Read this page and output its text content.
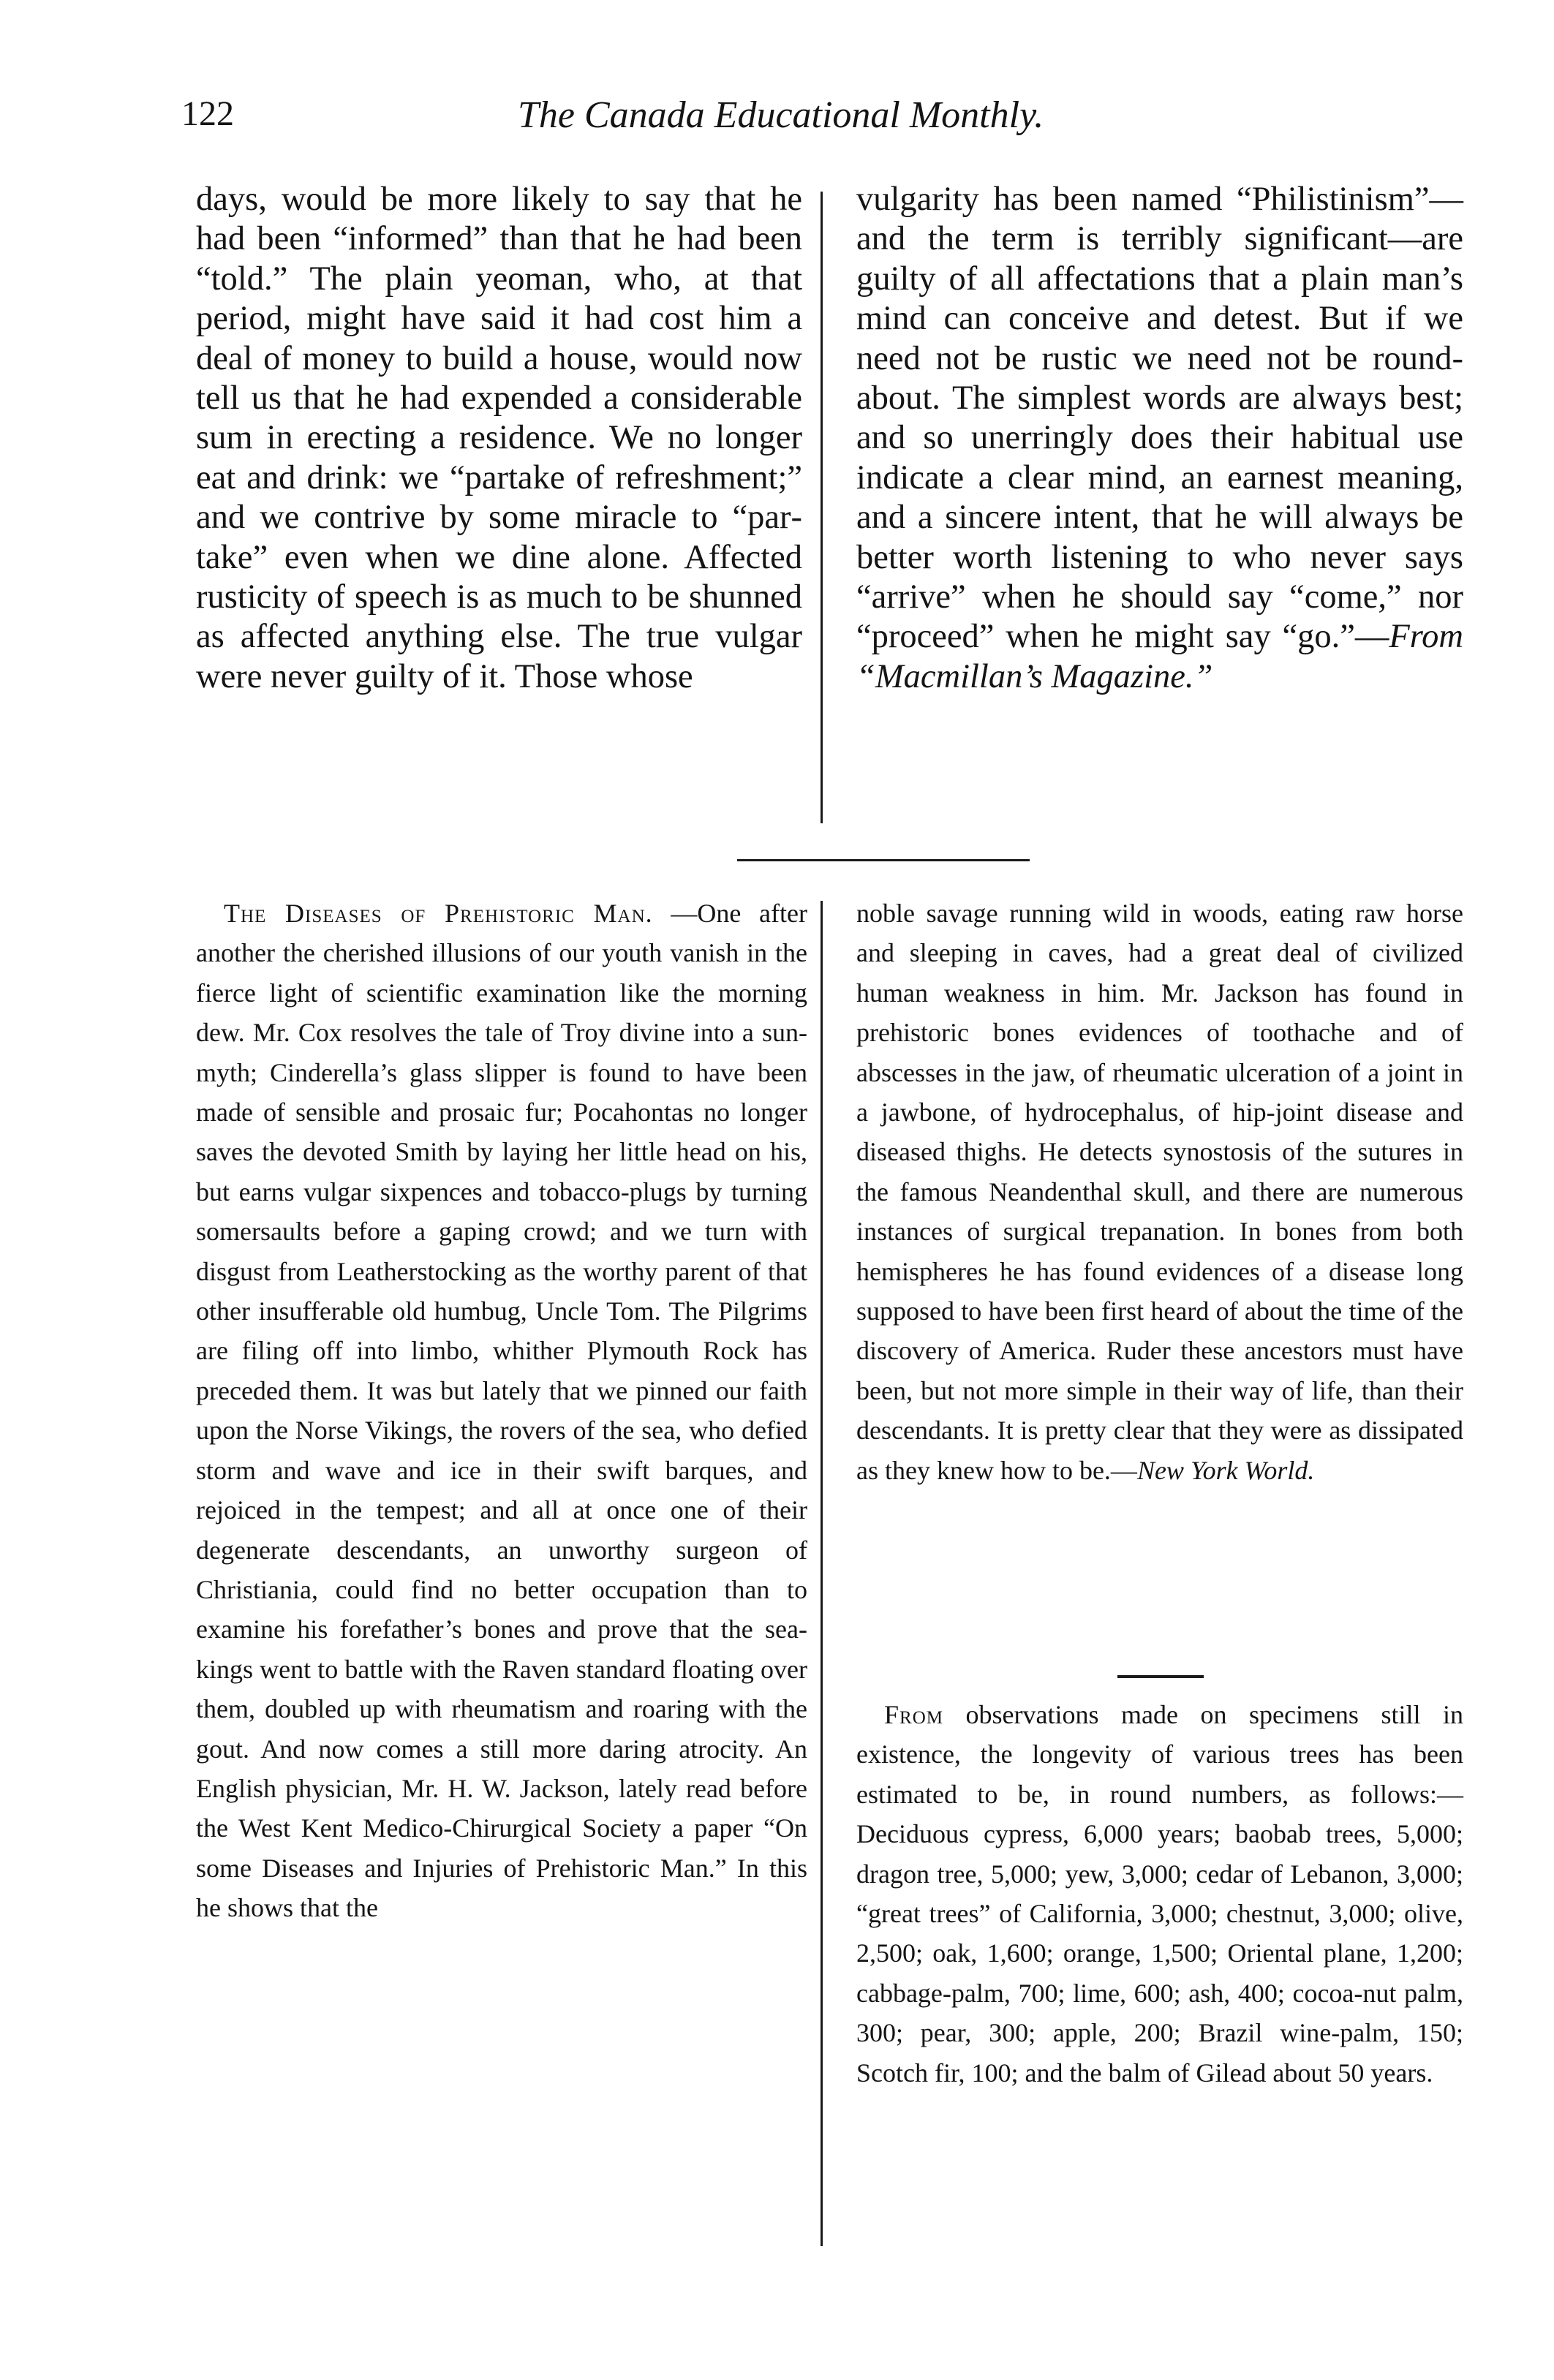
122	The Canada Educational Monthly.

days, would be more likely to say that he had been “informed” than that he had been “told.” The plain yeoman, who, at that period, might have said it had cost him a deal of money to build a house, would now tell us that he had expended a considerable sum in erecting a residence. We no longer eat and drink: we “partake of refreshment;” and we contrive by some miracle to “partake” even when we dine alone. Affected rusticity of speech is as much to be shunned as affected anything else. The true vulgar were never guilty of it. Those whose

vulgarity has been named “Philistinism”—and the term is terribly significant—are guilty of all affectations that a plain man’s mind can conceive and detest. But if we need not be rustic we need not be roundabout. The simplest words are always best; and so unerringly does their habitual use indicate a clear mind, an earnest meaning, and a sincere intent, that he will always be better worth listening to who never says “arrive” when he should say “come,” nor “proceed” when he might say “go.”—From “Macmillan’s Magazine.”

The Diseases of Prehistoric Man. —One after another the cherished illusions of our youth vanish in the fierce light of scientific examination like the morning dew. Mr. Cox resolves the tale of Troy divine into a sun-myth; Cinderella’s glass slipper is found to have been made of sensible and prosaic fur; Pocahontas no longer saves the devoted Smith by laying her little head on his, but earns vulgar sixpences and tobacco-plugs by turning somersaults before a gaping crowd; and we turn with disgust from Leatherstocking as the worthy parent of that other insufferable old humbug, Uncle Tom. The Pilgrims are filing off into limbo, whither Plymouth Rock has preceded them. It was but lately that we pinned our faith upon the Norse Vikings, the rovers of the sea, who defied storm and wave and ice in their swift barques, and rejoiced in the tempest; and all at once one of their degenerate descendants, an unworthy surgeon of Christiania, could find no better occupation than to examine his forefather’s bones and prove that the sea-kings went to battle with the Raven standard floating over them, doubled up with rheumatism and roaring with the gout. And now comes a still more daring atrocity. An English physician, Mr. H. W. Jackson, lately read before the West Kent Medico-Chirurgical Society a paper “On some Diseases and Injuries of Prehistoric Man.” In this he shows that the

noble savage running wild in woods, eating raw horse and sleeping in caves, had a great deal of civilized human weakness in him. Mr. Jackson has found in prehistoric bones evidences of toothache and of abscesses in the jaw, of rheumatic ulceration of a joint in a jawbone, of hydrocephalus, of hip-joint disease and diseased thighs. He detects synostosis of the sutures in the famous Neandenthal skull, and there are numerous instances of surgical trepanation. In bones from both hemispheres he has found evidences of a disease long supposed to have been first heard of about the time of the discovery of America. Ruder these ancestors must have been, but not more simple in their way of life, than their descendants. It is pretty clear that they were as dissipated as they knew how to be.—New York World.

From observations made on specimens still in existence, the longevity of various trees has been estimated to be, in round numbers, as follows:—Deciduous cypress, 6,000 years; baobab trees, 5,000; dragon tree, 5,000; yew, 3,000; cedar of Lebanon, 3,000; “great trees” of California, 3,000; chestnut, 3,000; olive, 2,500; oak, 1,600; orange, 1,500; Oriental plane, 1,200; cabbage-palm, 700; lime, 600; ash, 400; cocoa-nut palm, 300; pear, 300; apple, 200; Brazil wine-palm, 150; Scotch fir, 100; and the balm of Gilead about 50 years.
